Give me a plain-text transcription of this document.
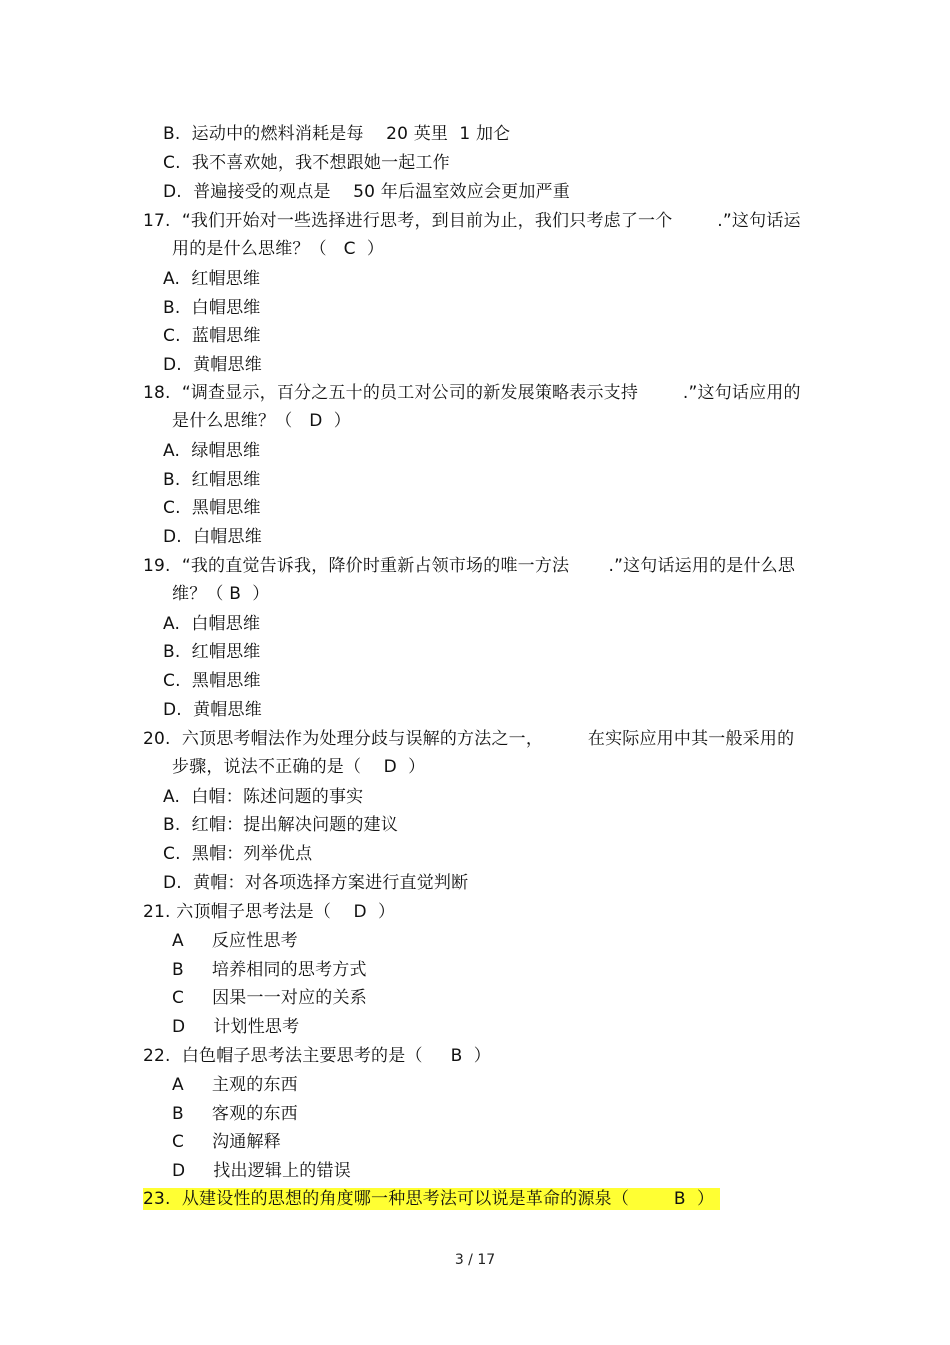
B.  运动中的燃料消耗是每    20 英里  1 加仑
C.  我不喜欢她，我不想跟她一起工作
D.  普遍接受的观点是    50 年后温室效应会更加严重
17.  “我们开始对一些选择进行思考，到目前为止，我们只考虑了一个        .”这句话运
用的是什么思维？（   C  ）
A.  红帽思维
B.  白帽思维
C.  蓝帽思维
D.  黄帽思维
18.  “调查显示，百分之五十的员工对公司的新发展策略表示支持        .”这句话应用的
是什么思维？（   D  ）
A.  绿帽思维
B.  红帽思维
C.  黑帽思维
D.  白帽思维
19.  “我的直觉告诉我，降价时重新占领市场的唯一方法       .”这句话运用的是什么思
维？（ B  ）
A.  白帽思维
B.  红帽思维
C.  黑帽思维
D.  黄帽思维
20.  六顶思考帽法作为处理分歧与误解的方法之一，        在实际应用中其一般采用的
步骤，说法不正确的是（    D  ）
A.  白帽：陈述问题的事实
B.  红帽：提出解决问题的建议
C.  黑帽：列举优点
D.  黄帽：对各项选择方案进行直觉判断
21. 六顶帽子思考法是（    D  ）
A     反应性思考
B     培养相同的思考方式
C     因果一一对应的关系
D     计划性思考
22.  白色帽子思考法主要思考的是（     B  ）
A     主观的东西
B     客观的东西
C     沟通解释
D     找出逻辑上的错误
23.  从建设性的思想的角度哪一种思考法可以说是革命的源泉（        B  ）
3 / 17
